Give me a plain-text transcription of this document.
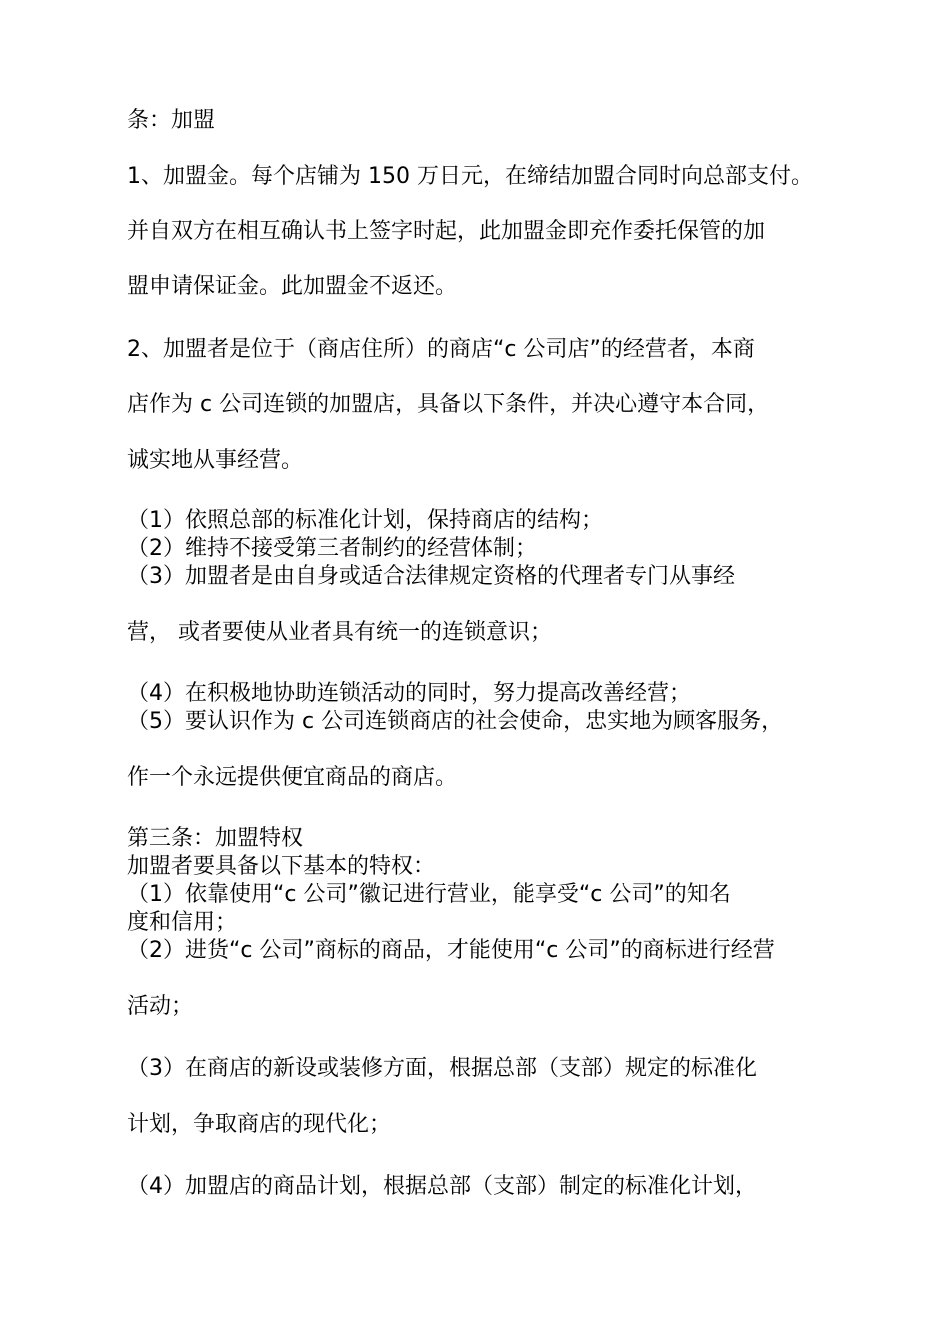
条：加盟

1、加盟金。每个店铺为 150 万日元，在缔结加盟合同时向总部支付。

并自双方在相互确认书上签字时起，此加盟金即充作委托保管的加

盟申请保证金。此加盟金不返还。

2、加盟者是位于（商店住所）的商店“c 公司店”的经营者，本商

店作为 c 公司连锁的加盟店，具备以下条件，并决心遵守本合同，

诚实地从事经营。

（1）依照总部的标准化计划，保持商店的结构；

（2）维持不接受第三者制约的经营体制；

（3）加盟者是由自身或适合法律规定资格的代理者专门从事经

营， 或者要使从业者具有统一的连锁意识；

（4）在积极地协助连锁活动的同时，努力提高改善经营；

（5）要认识作为 c 公司连锁商店的社会使命，忠实地为顾客服务，

作一个永远提供便宜商品的商店。

第三条：加盟特权

加盟者要具备以下基本的特权：

（1）依靠使用“c 公司”徽记进行营业，能享受“c 公司”的知名

度和信用；

（2）进货“c 公司”商标的商品，才能使用“c 公司”的商标进行经营

活动；

（3）在商店的新设或装修方面，根据总部（支部）规定的标准化

计划，争取商店的现代化；

（4）加盟店的商品计划，根据总部（支部）制定的标准化计划，
